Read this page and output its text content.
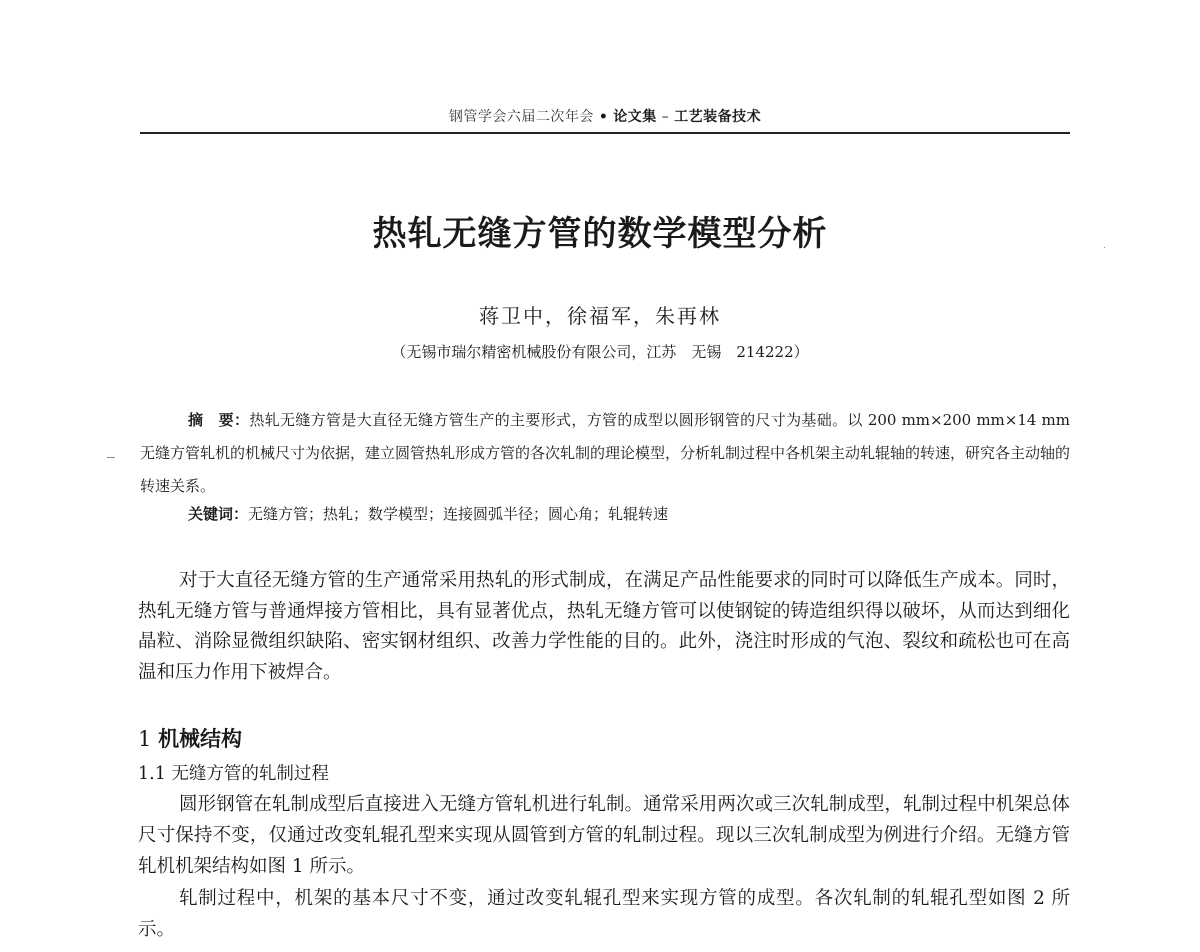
钢管学会六届二次年会 • 论文集 – 工艺装备技术
热轧无缝方管的数学模型分析
蒋卫中，徐福军，朱再林
（无锡市瑞尔精密机械股份有限公司，江苏　无锡　214222）
摘　要：热轧无缝方管是大直径无缝方管生产的主要形式，方管的成型以圆形钢管的尺寸为基础。以 200 mm×200 mm×14 mm 无缝方管轧机的机械尺寸为依据，建立圆管热轧形成方管的各次轧制的理论模型，分析轧制过程中各机架主动轧辊轴的转速，研究各主动轴的转速关系。
关键词：无缝方管；热轧；数学模型；连接圆弧半径；圆心角；轧辊转速
对于大直径无缝方管的生产通常采用热轧的形式制成，在满足产品性能要求的同时可以降低生产成本。同时，热轧无缝方管与普通焊接方管相比，具有显著优点，热轧无缝方管可以使钢锭的铸造组织得以破坏，从而达到细化晶粒、消除显微组织缺陷、密实钢材组织、改善力学性能的目的。此外，浇注时形成的气泡、裂纹和疏松也可在高温和压力作用下被焊合。
1 机械结构
1.1 无缝方管的轧制过程
圆形钢管在轧制成型后直接进入无缝方管轧机进行轧制。通常采用两次或三次轧制成型，轧制过程中机架总体尺寸保持不变，仅通过改变轧辊孔型来实现从圆管到方管的轧制过程。现以三次轧制成型为例进行介绍。无缝方管轧机机架结构如图 1 所示。
轧制过程中，机架的基本尺寸不变，通过改变轧辊孔型来实现方管的成型。各次轧制的轧辊孔型如图 2 所示。
